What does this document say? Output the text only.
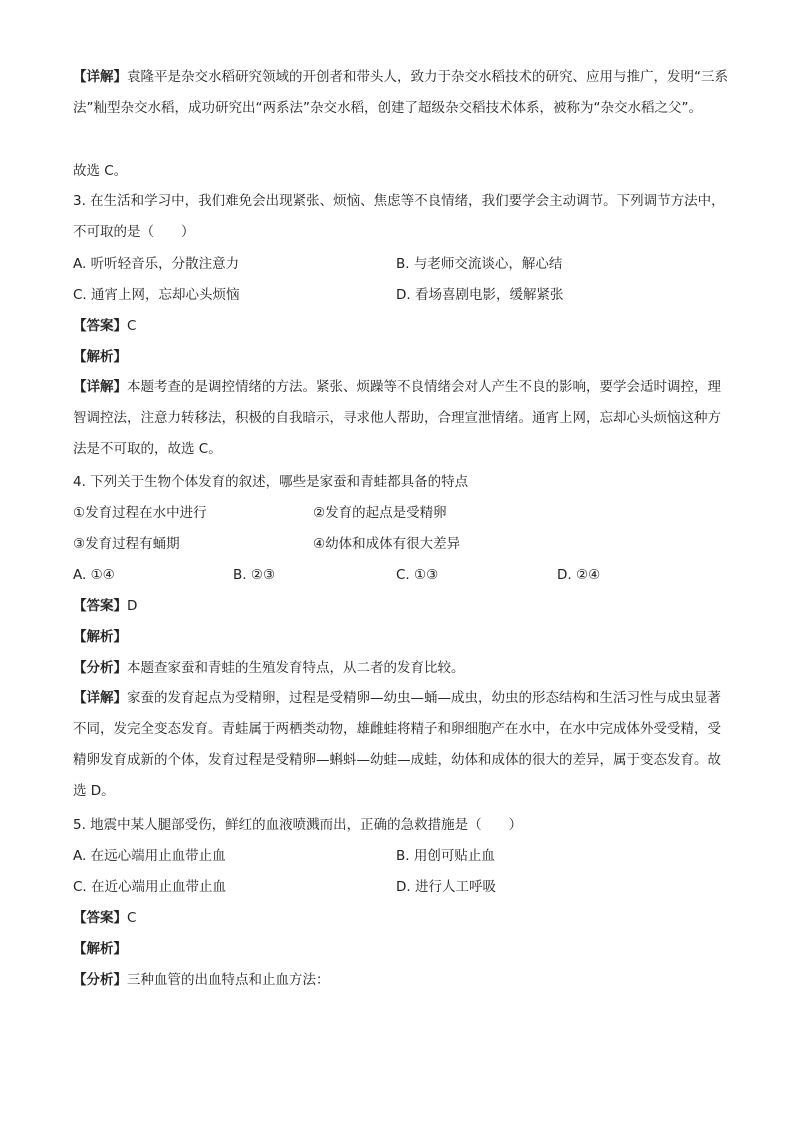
【详解】袁隆平是杂交水稻研究领域的开创者和带头人，致力于杂交水稻技术的研究、应用与推广，发明“三系法”籼型杂交水稻，成功研究出“两系法”杂交水稻，创建了超级杂交稻技术体系，被称为“杂交水稻之父”。

故选 C。

3. 在生活和学习中，我们难免会出现紧张、烦恼、焦虑等不良情绪，我们要学会主动调节。下列调节方法中，不可取的是（　　）

A. 听听轻音乐，分散注意力	B. 与老师交流谈心，解心结
C. 通宵上网，忘却心头烦恼	D. 看场喜剧电影，缓解紧张
【答案】C
【解析】

【详解】本题考查的是调控情绪的方法。紧张、烦躁等不良情绪会对人产生不良的影响，要学会适时调控，理智调控法，注意力转移法，积极的自我暗示，寻求他人帮助，合理宣泄情绪。通宵上网，忘却心头烦恼这种方法是不可取的，故选 C。

4. 下列关于生物个体发育的叙述，哪些是家蚕和青蛙都具备的特点
①发育过程在水中进行	②发育的起点是受精卵
③发育过程有蛹期	④幼体和成体有很大差异
A. ①④	B. ②③	C. ①③	D. ②④
【答案】D
【解析】
【分析】本题查家蚕和青蛙的生殖发育特点，从二者的发育比较。

【详解】家蚕的发育起点为受精卵，过程是受精卵—幼虫—蛹—成虫，幼虫的形态结构和生活习性与成虫显著不同，发完全变态发育。青蛙属于两栖类动物，雄雌蛙将精子和卵细胞产在水中，在水中完成体外受受精，受精卵发育成新的个体，发育过程是受精卵—蝌蚪—幼蛙—成蛙，幼体和成体的很大的差异，属于变态发育。故选 D。

5. 地震中某人腿部受伤，鲜红的血液喷溅而出，正确的急救措施是（　　）
A. 在远心端用止血带止血	B. 用创可贴止血
C. 在近心端用止血带止血	D. 进行人工呼吸
【答案】C
【解析】
【分析】三种血管的出血特点和止血方法：
